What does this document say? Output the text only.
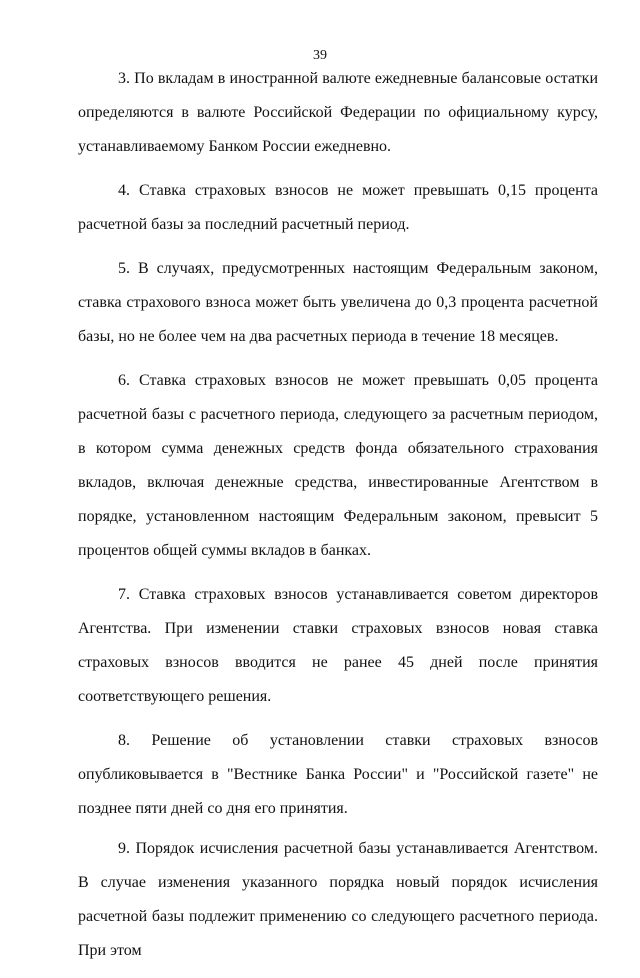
39

3. По вкладам в иностранной валюте ежедневные балансовые остатки определяются в валюте Российской Федерации по официальному курсу, устанавливаемому Банком России ежедневно.

4. Ставка страховых взносов не может превышать 0,15 процента расчетной базы за последний расчетный период.

5. В случаях, предусмотренных настоящим Федеральным законом, ставка страхового взноса может быть увеличена до 0,3 процента расчетной базы, но не более чем на два расчетных периода в течение 18 месяцев.

6. Ставка страховых взносов не может превышать 0,05 процента расчетной базы с расчетного периода, следующего за расчетным периодом, в котором сумма денежных средств фонда обязательного страхования вкладов, включая денежные средства, инвестированные Агентством в порядке, установленном настоящим Федеральным законом, превысит 5 процентов общей суммы вкладов в банках.

7. Ставка страховых взносов устанавливается советом директоров Агентства. При изменении ставки страховых взносов новая ставка страховых взносов вводится не ранее 45 дней после принятия соответствующего решения.

8. Решение об установлении ставки страховых взносов опубликовывается в "Вестнике Банка России" и "Российской газете" не позднее пяти дней со дня его принятия.

9. Порядок исчисления расчетной базы устанавливается Агентством. В случае изменения указанного порядка новый порядок исчисления расчетной базы подлежит применению со следующего расчетного периода. При этом
